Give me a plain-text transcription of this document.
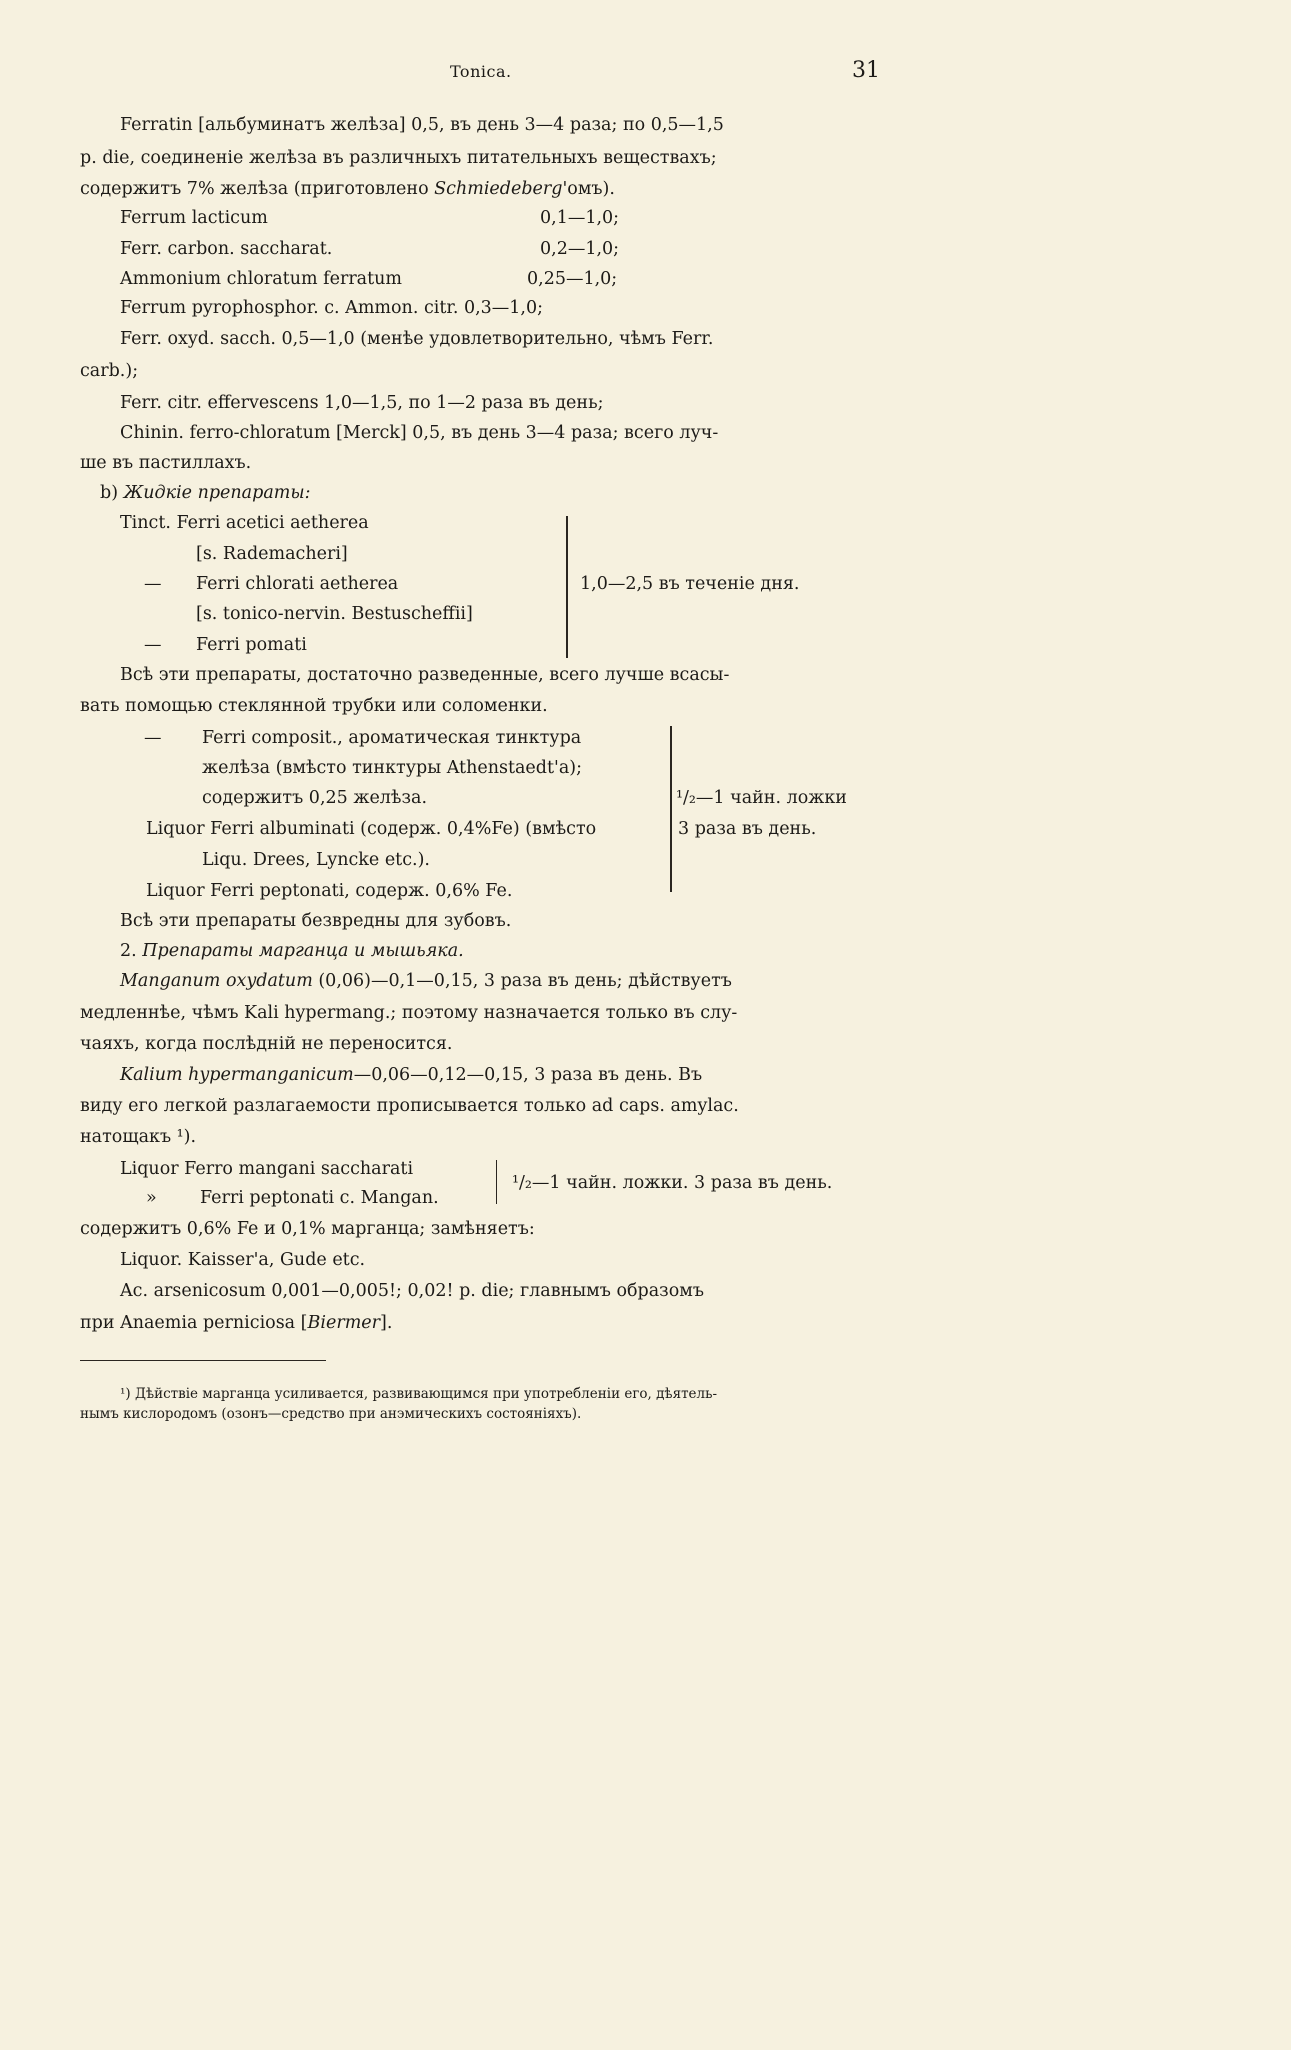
Tonica.	31
Ferratin [альбуминатъ желѣза] 0,5, въ день 3—4 раза; по 0,5—1,5
p. die, соединенiе желѣза въ различныхъ питательныхъ веществахъ;
содержитъ 7% желѣза (приготовлено Schmiedeberg'омъ).
Ferrum lacticum	0,1—1,0;
Ferr. carbon. saccharat.	0,2—1,0;
Ammonium chloratum ferratum	0,25—1,0;
Ferrum pyrophosphor. c. Ammon. citr. 0,3—1,0;
Ferr. oxyd. sacch. 0,5—1,0 (менѣе удовлетворительно, чѣмъ Ferr.
carb.);
Ferr. citr. effervescens 1,0—1,5, по 1—2 раза въ день;
Chinin. ferro-chloratum [Merck] 0,5, въ день 3—4 раза; всего луч-
ше въ пастиллахъ.
b) Жидкiе препараты:
Tinct. Ferri acetici aetherea
[s. Rademacheri]
— Ferri chlorati aetherea	1,0—2,5 въ теченiе дня.
[s. tonico-nervin. Bestuscheffii]
— Ferri pomati
Всѣ эти препараты, достаточно разведенные, всего лучше всасы-
вать помощью стеклянной трубки или соломенки.
— Ferri composit., ароматическая тинктура
желѣза (вмѣсто тинктуры Athenstaedt'a);
содержитъ 0,25 желѣза.	¹/₂—1 чайн. ложки
Liquor Ferri albuminati (содерж. 0,4%Fe) (вмѣсто	3 раза въ день.
Liqu. Drees, Lyncke etc.).
Liquor Ferri peptonati, содерж. 0,6% Fe.
Всѣ эти препараты безвредны для зубовъ.
2. Препараты марганца и мышьяка.
Manganum oxydatum (0,06)—0,1—0,15, 3 раза въ день; дѣйствуетъ
медленнѣе, чѣмъ Kali hypermang.; поэтому назначается только въ слу-
чаяхъ, когда послѣднiй не переносится.
Kalium hypermanganicum—0,06—0,12—0,15, 3 раза въ день. Въ
виду его легкой разлагаемости прописывается только ad caps. amylac.
натощакъ ¹).
Liquor Ferro mangani saccharati
¹/₂—1 чайн. ложки. 3 раза въ день.
» Ferri peptonati c. Mangan.
содержитъ 0,6% Fe и 0,1% марганца; замѣняетъ:
Liquor. Kaisser'a, Gude etc.
Ac. arsenicosum 0,001—0,005!; 0,02! p. die; главнымъ образомъ
при Anaemia perniciosa [Biermer].
¹) Дѣйствiе марганца усиливается, развивающимся при употребленiи его, дѣятель-
нымъ кислородомъ (озонъ—средство при анэмическихъ состоянiяхъ).
